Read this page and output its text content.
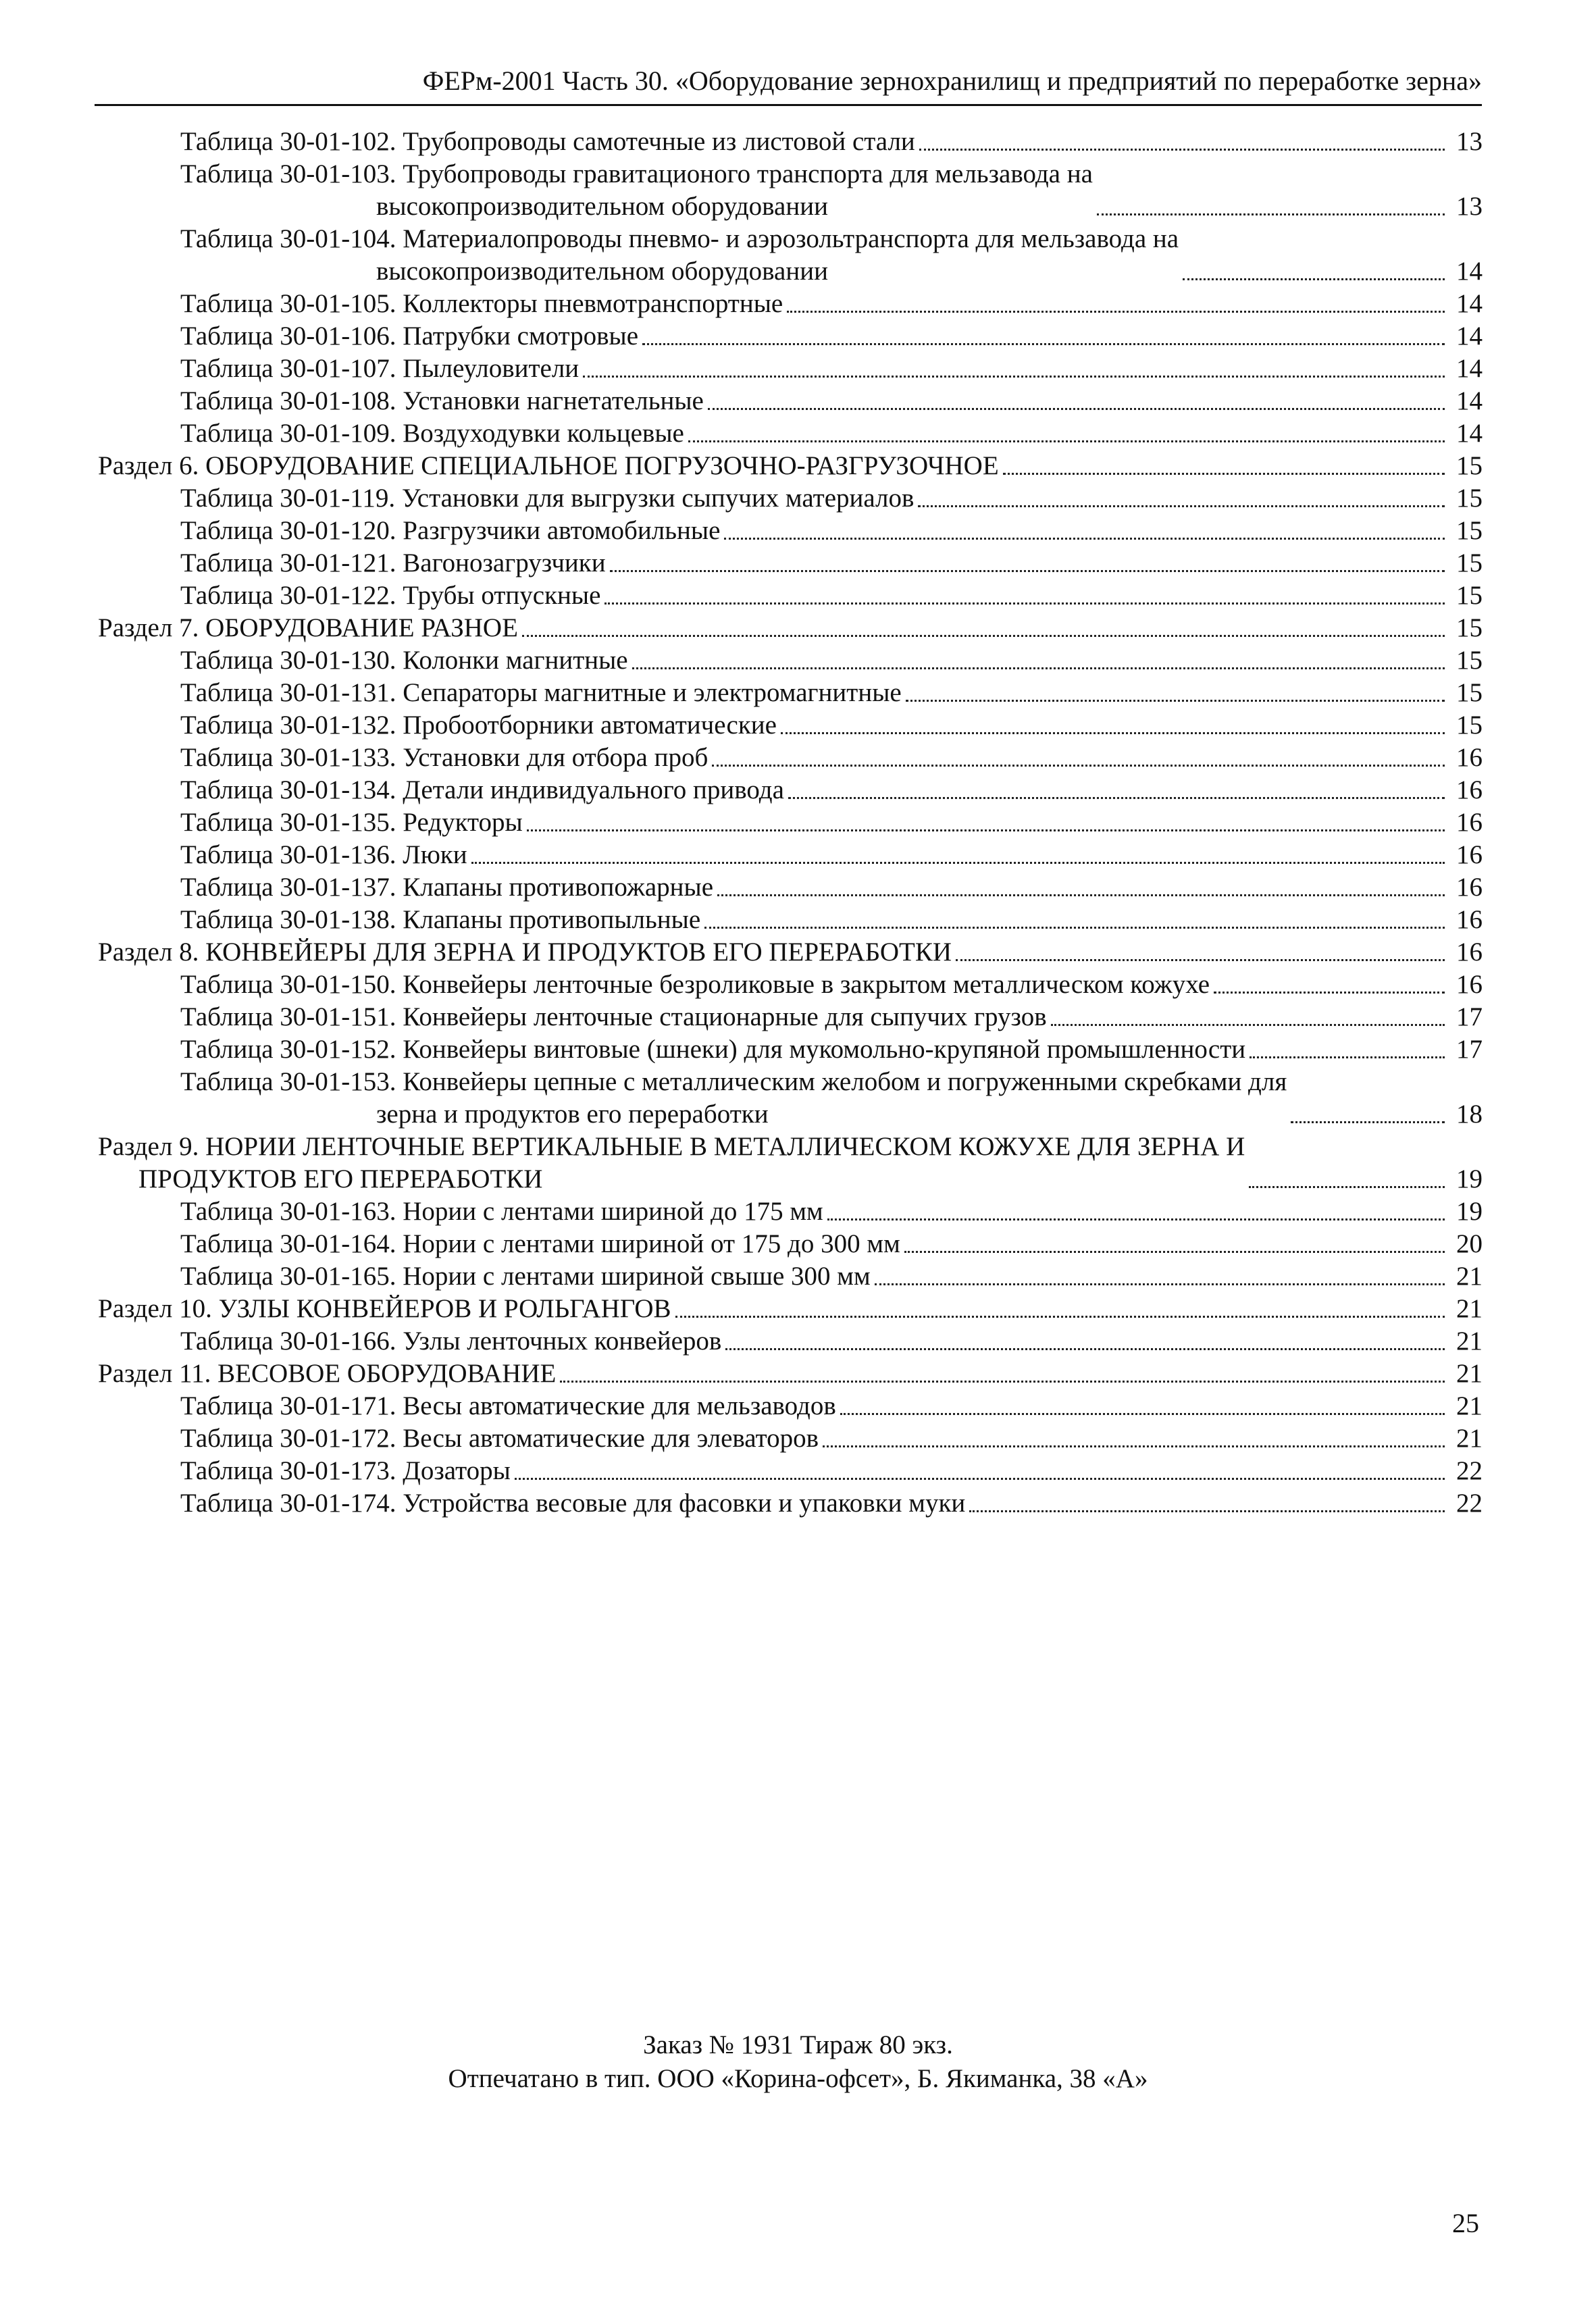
ФЕРм-2001 Часть 30. «Оборудование зернохранилищ и предприятий по переработке зерна»
Таблица 30-01-102. Трубопроводы самотечные из листовой стали	13
Таблица 30-01-103. Трубопроводы гравитационого транспорта для мельзавода на
высокопроизводительном оборудовании	13
Таблица 30-01-104. Материалопроводы пневмо- и аэрозольтранспорта для мельзавода на
высокопроизводительном оборудовании	14
Таблица 30-01-105. Коллекторы пневмотранспортные	14
Таблица 30-01-106. Патрубки смотровые	14
Таблица 30-01-107. Пылеуловители	14
Таблица 30-01-108. Установки нагнетательные	14
Таблица 30-01-109. Воздуходувки кольцевые	14
Раздел 6. ОБОРУДОВАНИЕ СПЕЦИАЛЬНОЕ ПОГРУЗОЧНО-РАЗГРУЗОЧНОЕ	15
Таблица 30-01-119. Установки для выгрузки сыпучих материалов	15
Таблица 30-01-120. Разгрузчики автомобильные	15
Таблица 30-01-121. Вагонозагрузчики	15
Таблица 30-01-122. Трубы отпускные	15
Раздел 7. ОБОРУДОВАНИЕ РАЗНОЕ	15
Таблица 30-01-130. Колонки магнитные	15
Таблица 30-01-131. Сепараторы магнитные и электромагнитные	15
Таблица 30-01-132. Пробоотборники автоматические	15
Таблица 30-01-133. Установки для отбора проб	16
Таблица 30-01-134. Детали индивидуального привода	16
Таблица 30-01-135. Редукторы	16
Таблица 30-01-136. Люки	16
Таблица 30-01-137. Клапаны противопожарные	16
Таблица 30-01-138. Клапаны противопыльные	16
Раздел 8. КОНВЕЙЕРЫ ДЛЯ ЗЕРНА И ПРОДУКТОВ ЕГО ПЕРЕРАБОТКИ	16
Таблица 30-01-150. Конвейеры ленточные безроликовые в закрытом металлическом кожухе	16
Таблица 30-01-151. Конвейеры ленточные стационарные для сыпучих грузов	17
Таблица 30-01-152. Конвейеры винтовые (шнеки) для мукомольно-крупяной промышленности	17
Таблица 30-01-153. Конвейеры цепные с металлическим желобом и погруженными скребками для
зерна и продуктов его переработки	18
Раздел 9. НОРИИ ЛЕНТОЧНЫЕ ВЕРТИКАЛЬНЫЕ В МЕТАЛЛИЧЕСКОМ КОЖУХЕ ДЛЯ ЗЕРНА И
ПРОДУКТОВ ЕГО ПЕРЕРАБОТКИ	19
Таблица 30-01-163. Нории с лентами шириной до 175 мм	19
Таблица 30-01-164. Нории с лентами шириной от 175 до 300 мм	20
Таблица 30-01-165. Нории с лентами шириной свыше 300 мм	21
Раздел 10. УЗЛЫ КОНВЕЙЕРОВ И РОЛЬГАНГОВ	21
Таблица 30-01-166. Узлы ленточных конвейеров	21
Раздел 11. ВЕСОВОЕ ОБОРУДОВАНИЕ	21
Таблица 30-01-171. Весы автоматические для мельзаводов	21
Таблица 30-01-172. Весы автоматические для элеваторов	21
Таблица 30-01-173. Дозаторы	22
Таблица 30-01-174. Устройства весовые для фасовки и упаковки муки	22
Заказ № 1931 Тираж 80 экз.
Отпечатано в тип. ООО «Корина-офсет», Б. Якиманка, 38 «А»
25
